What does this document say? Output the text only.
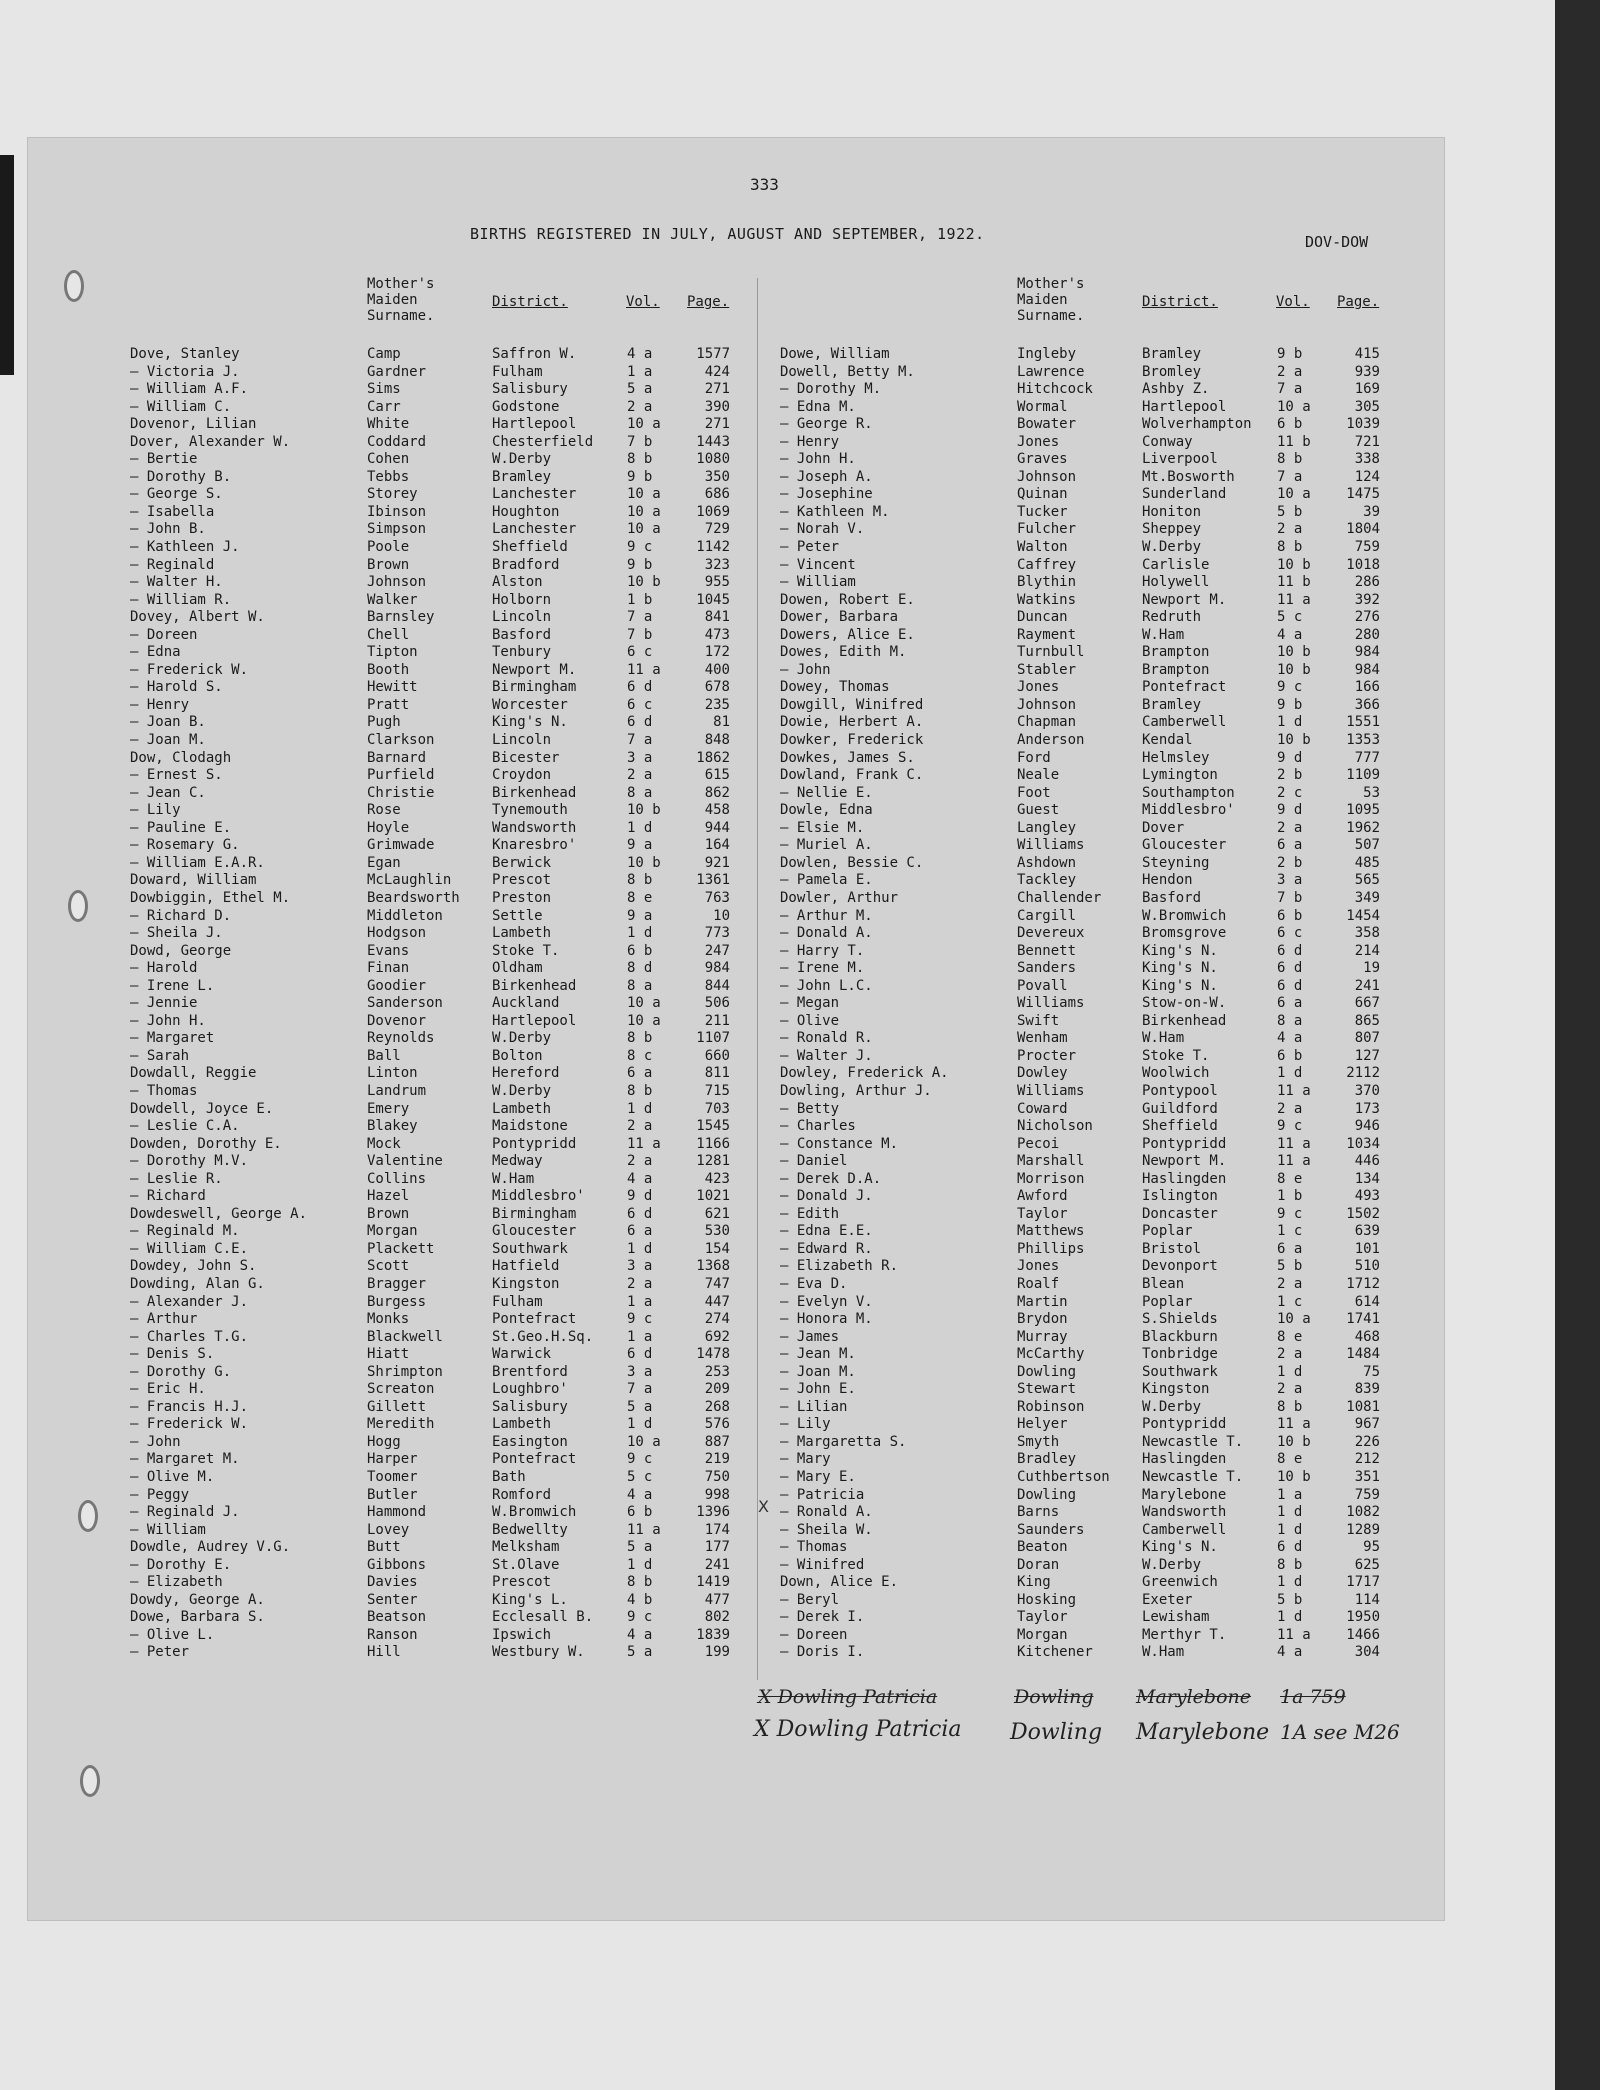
333
BIRTHS REGISTERED IN JULY, AUGUST AND SEPTEMBER, 1922.	DOV-DOW
Mother's
Maiden
Surname.
District.	Vol. Page.
Dove, Stanley	Camp	Saffron W.	4 a	1577
— Victoria J.	Gardner	Fulham	1 a	424
— William A.F.	Sims	Salisbury	5 a	271
— William C.	Carr	Godstone	2 a	390
Dovenor, Lilian	White	Hartlepool	10 a	271
Dover, Alexander W.	Coddard	Chesterfield 7 b	1443
— Bertie	Cohen	W.Derby	8 b	1080
— Dorothy B.	Tebbs	Bramley	9 b	350
— George S.	Storey	Lanchester	10 a	686
— Isabella	Ibinson	Houghton	10 a	1069
— John B.	Simpson	Lanchester	10 a	729
— Kathleen J.	Poole	Sheffield	9 c	1142
— Reginald	Brown	Bradford	9 b	323
— Walter H.	Johnson	Alston	10 b	955
— William R.	Walker	Holborn	1 b	1045
Dovey, Albert W.	Barnsley	Lincoln	7 a	841
— Doreen	Chell	Basford	7 b	473
— Edna	Tipton	Tenbury	6 c	172
— Frederick W.	Booth	Newport M.	11 a	400
— Harold S.	Hewitt	Birmingham	6 d	678
— Henry	Pratt	Worcester	6 c	235
— Joan B.	Pugh	King's N.	6 d	81
— Joan M.	Clarkson	Lincoln	7 a	848
Dow, Clodagh	Barnard	Bicester	3 a	1862
— Ernest S.	Purfield	Croydon	2 a	615
— Jean C.	Christie	Birkenhead	8 a	862
— Lily	Rose	Tynemouth	10 b	458
— Pauline E.	Hoyle	Wandsworth	1 d	944
— Rosemary G.	Grimwade	Knaresbro'	9 a	164
— William E.A.R.	Egan	Berwick	10 b	921
Doward, William	McLaughlin	Prescot	8 b	1361
Dowbiggin, Ethel M.	Beardsworth Preston	8 e	763
— Richard D.	Middleton	Settle	9 a	10
— Sheila J.	Hodgson	Lambeth	1 d	773
Dowd, George	Evans	Stoke T.	6 b	247
— Harold	Finan	Oldham	8 d	984
— Irene L.	Goodier	Birkenhead	8 a	844
— Jennie	Sanderson	Auckland	10 a	506
— John H.	Dovenor	Hartlepool	10 a	211
— Margaret	Reynolds	W.Derby	8 b	1107
— Sarah	Ball	Bolton	8 c	660
Dowdall, Reggie	Linton	Hereford	6 a	811
— Thomas	Landrum	W.Derby	8 b	715
Dowdell, Joyce E.	Emery	Lambeth	1 d	703
— Leslie C.A.	Blakey	Maidstone	2 a	1545
Dowden, Dorothy E.	Mock	Pontypridd	11 a	1166
— Dorothy M.V.	Valentine	Medway	2 a	1281
— Leslie R.	Collins	W.Ham	4 a	423
— Richard	Hazel	Middlesbro'	9 d	1021
Dowdeswell, George A.	Brown	Birmingham	6 d	621
— Reginald M.	Morgan	Gloucester	6 a	530
— William C.E.	Plackett	Southwark	1 d	154
Dowdey, John S.	Scott	Hatfield	3 a	1368
Dowding, Alan G.	Bragger	Kingston	2 a	747
— Alexander J.	Burgess	Fulham	1 a	447
— Arthur	Monks	Pontefract	9 c	274
— Charles T.G.	Blackwell	St.Geo.H.Sq. 1 a	692
— Denis S.	Hiatt	Warwick	6 d	1478
— Dorothy G.	Shrimpton	Brentford	3 a	253
— Eric H.	Screaton	Loughbro'	7 a	209
— Francis H.J.	Gillett	Salisbury	5 a	268
— Frederick W.	Meredith	Lambeth	1 d	576
— John	Hogg	Easington	10 a	887
— Margaret M.	Harper	Pontefract	9 c	219
— Olive M.	Toomer	Bath	5 c	750
— Peggy	Butler	Romford	4 a	998
— Reginald J.	Hammond	W.Bromwich	6 b	1396
— William	Lovey	Bedwellty	11 a	174
Dowdle, Audrey V.G.	Butt	Melksham	5 a	177
— Dorothy E.	Gibbons	St.Olave	1 d	241
— Elizabeth	Davies	Prescot	8 b	1419
Dowdy, George A.	Senter	King's L.	4 b	477
Dowe, Barbara S.	Beatson	Ecclesall B. 9 c	802
— Olive L.	Ranson	Ipswich	4 a	1839
— Peter	Hill	Westbury W.	5 a	199
Mother's
Maiden
Surname.
District.	Vol. Page.
Dowe, William	Ingleby	Bramley	9 b	415
Dowell, Betty M.	Lawrence	Bromley	2 a	939
— Dorothy M.	Hitchcock	Ashby Z.	7 a	169
— Edna M.	Wormal	Hartlepool	10 a	305
— George R.	Bowater	Wolverhampton 6 b	1039
— Henry	Jones	Conway	11 b	721
— John H.	Graves	Liverpool	8 b	338
— Joseph A.	Johnson	Mt.Bosworth	7 a	124
— Josephine	Quinan	Sunderland	10 a	1475
— Kathleen M.	Tucker	Honiton	5 b	39
— Norah V.	Fulcher	Sheppey	2 a	1804
— Peter	Walton	W.Derby	8 b	759
— Vincent	Caffrey	Carlisle	10 b	1018
— William	Blythin	Holywell	11 b	286
Dowen, Robert E.	Watkins	Newport M.	11 a	392
Dower, Barbara	Duncan	Redruth	5 c	276
Dowers, Alice E.	Rayment	W.Ham	4 a	280
Dowes, Edith M.	Turnbull	Brampton	10 b	984
— John	Stabler	Brampton	10 b	984
Dowey, Thomas	Jones	Pontefract	9 c	166
Dowgill, Winifred	Johnson	Bramley	9 b	366
Dowie, Herbert A.	Chapman	Camberwell	1 d	1551
Dowker, Frederick	Anderson	Kendal	10 b	1353
Dowkes, James S.	Ford	Helmsley	9 d	777
Dowland, Frank C.	Neale	Lymington	2 b	1109
— Nellie E.	Foot	Southampton	2 c	53
Dowle, Edna	Guest	Middlesbro'	9 d	1095
— Elsie M.	Langley	Dover	2 a	1962
— Muriel A.	Williams	Gloucester	6 a	507
Dowlen, Bessie C.	Ashdown	Steyning	2 b	485
— Pamela E.	Tackley	Hendon	3 a	565
Dowler, Arthur	Challender	Basford	7 b	349
— Arthur M.	Cargill	W.Bromwich	6 b	1454
— Donald A.	Devereux	Bromsgrove	6 c	358
— Harry T.	Bennett	King's N.	6 d	214
— Irene M.	Sanders	King's N.	6 d	19
— John L.C.	Povall	King's N.	6 d	241
— Megan	Williams	Stow-on-W.	6 a	667
— Olive	Swift	Birkenhead	8 a	865
— Ronald R.	Wenham	W.Ham	4 a	807
— Walter J.	Procter	Stoke T.	6 b	127
Dowley, Frederick A.	Dowley	Woolwich	1 d	2112
Dowling, Arthur J.	Williams	Pontypool	11 a	370
— Betty	Coward	Guildford	2 a	173
— Charles	Nicholson	Sheffield	9 c	946
— Constance M.	Pecoi	Pontypridd	11 a	1034
— Daniel	Marshall	Newport M.	11 a	446
— Derek D.A.	Morrison	Haslingden	8 e	134
— Donald J.	Awford	Islington	1 b	493
— Edith	Taylor	Doncaster	9 c	1502
— Edna E.E.	Matthews	Poplar	1 c	639
— Edward R.	Phillips	Bristol	6 a	101
— Elizabeth R.	Jones	Devonport	5 b	510
— Eva D.	Roalf	Blean	2 a	1712
— Evelyn V.	Martin	Poplar	1 c	614
— Honora M.	Brydon	S.Shields	10 a	1741
— James	Murray	Blackburn	8 e	468
— Jean M.	McCarthy	Tonbridge	2 a	1484
— Joan M.	Dowling	Southwark	1 d	75
— John E.	Stewart	Kingston	2 a	839
— Lilian	Robinson	W.Derby	8 b	1081
— Lily	Helyer	Pontypridd	11 a	967
— Margaretta S.	Smyth	Newcastle T. 10 b	226
— Mary	Bradley	Haslingden	8 e	212
— Mary E.	Cuthbertson Newcastle T. 10 b	351
— Patricia	Dowling	Marylebone	1 a	759
— Ronald A.	Barns	Wandsworth	1 d	1082
— Sheila W.	Saunders	Camberwell	1 d	1289
— Thomas	Beaton	King's N.	6 d	95
— Winifred	Doran	W.Derby	8 b	625
Down, Alice E.	King	Greenwich	1 d	1717
— Beryl	Hosking	Exeter	5 b	114
— Derek I.	Taylor	Lewisham	1 d	1950
— Doreen	Morgan	Merthyr T.	11 a	1466
— Doris I.	Kitchener	W.Ham	4 a	304
X
X Dowling Patricia	Dowling Marylebone 1a 759
X Dowling Patricia Dowling Marylebone 1A see M26
